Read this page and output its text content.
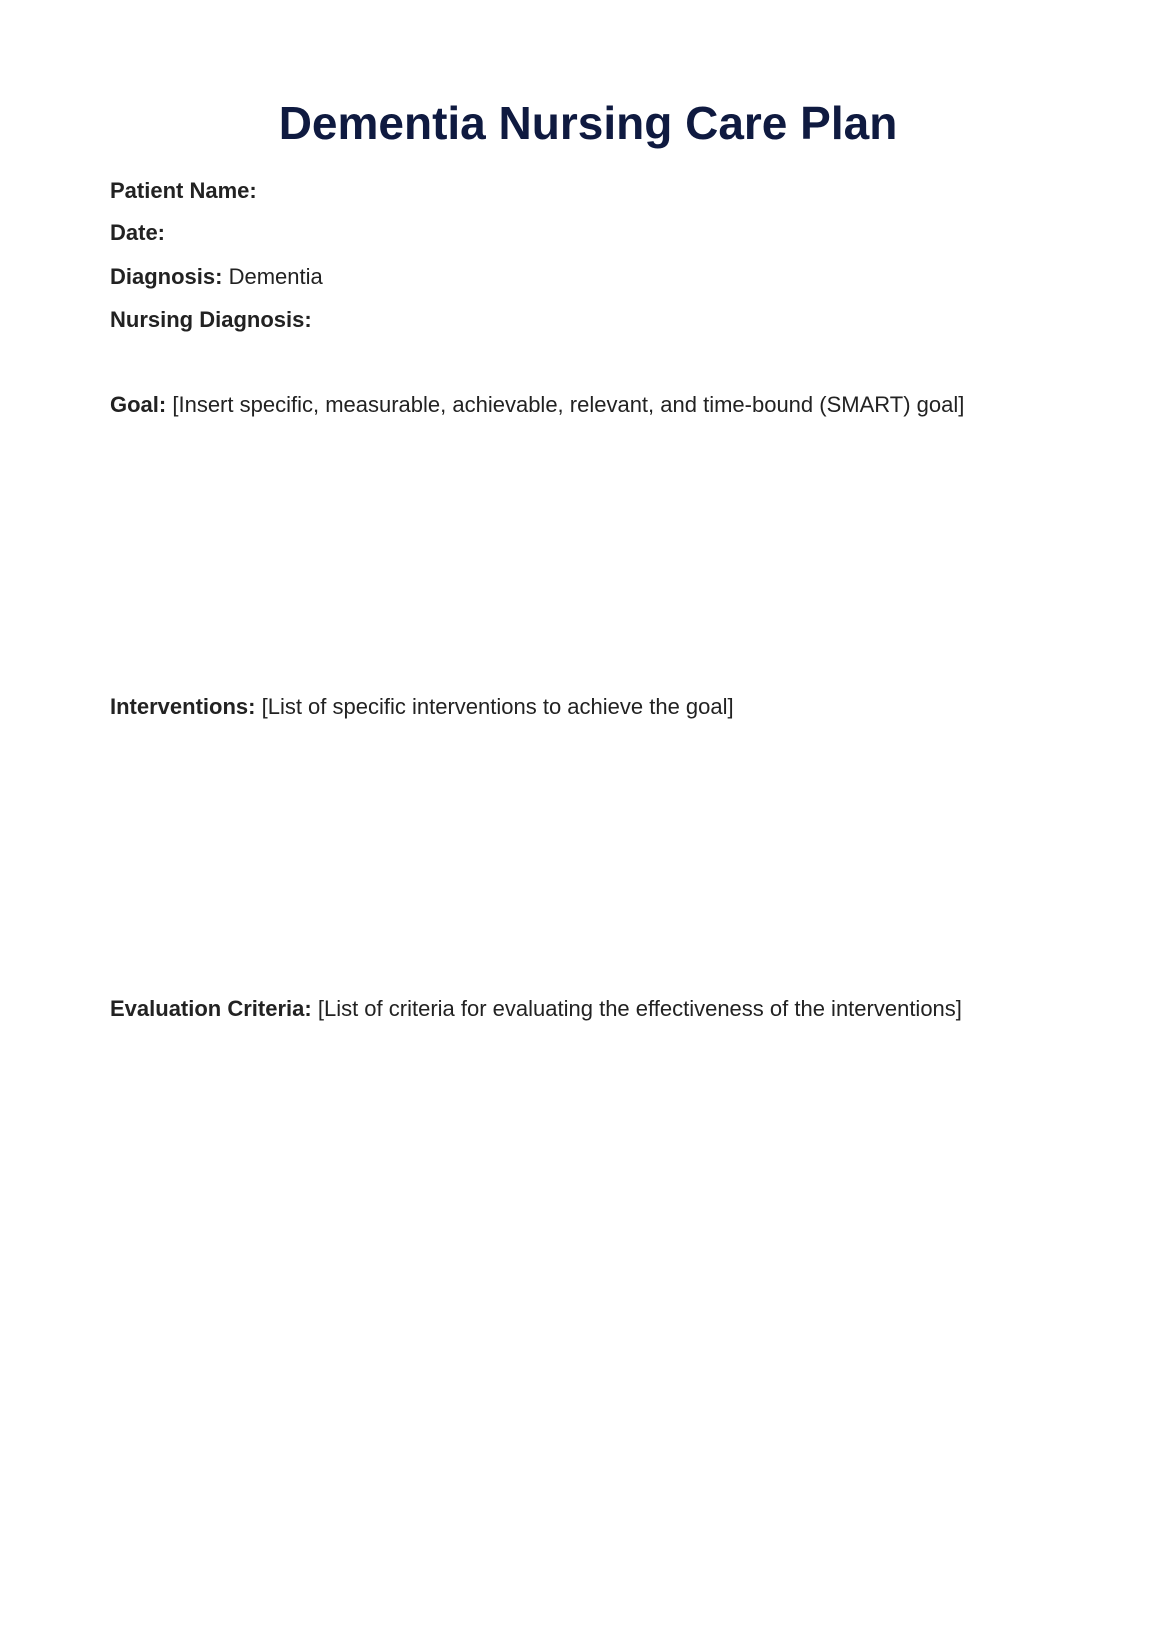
Dementia Nursing Care Plan

Patient Name:

Date:

Diagnosis: Dementia

Nursing Diagnosis:

Goal: [Insert specific, measurable, achievable, relevant, and time-bound (SMART) goal]

Interventions: [List of specific interventions to achieve the goal]

Evaluation Criteria: [List of criteria for evaluating the effectiveness of the interventions]
